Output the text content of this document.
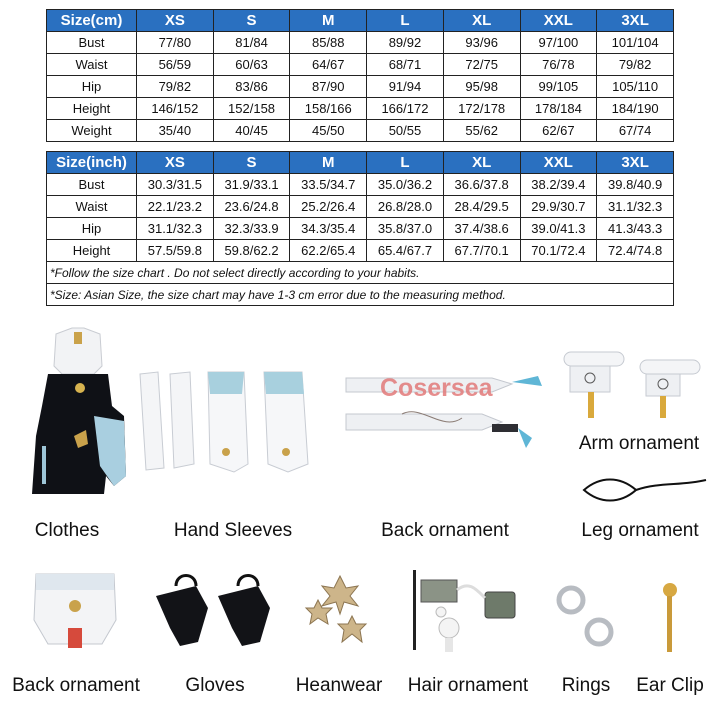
Size(cm)	XS	S	M	L	XL	XXL	3XL
Bust	77/80	81/84	85/88	89/92	93/96	97/100	101/104
Waist	56/59	60/63	64/67	68/71	72/75	76/78	79/82
Hip	79/82	83/86	87/90	91/94	95/98	99/105	105/110
Height	146/152	152/158	158/166	166/172	172/178	178/184	184/190
Weight	35/40	40/45	45/50	50/55	55/62	62/67	67/74
Size(inch)	XS	S	M	L	XL	XXL	3XL
Bust	30.3/31.5	31.9/33.1	33.5/34.7	35.0/36.2	36.6/37.8	38.2/39.4	39.8/40.9
Waist	22.1/23.2	23.6/24.8	25.2/26.4	26.8/28.0	28.4/29.5	29.9/30.7	31.1/32.3
Hip	31.1/32.3	32.3/33.9	34.3/35.4	35.8/37.0	37.4/38.6	39.0/41.3	41.3/43.3
Height	57.5/59.8	59.8/62.2	62.2/65.4	65.4/67.7	67.7/70.1	70.1/72.4	72.4/74.8
*Follow the size chart . Do not select directly according to your habits.							
*Size: Asian Size, the size chart may have 1-3 cm error due to the measuring method.							
Clothes	Hand Sleeves
Cosersea
Back ornament
Arm ornament
Leg ornament
Back ornament Gloves	Heanwear Hair ornament Rings Ear Clip
